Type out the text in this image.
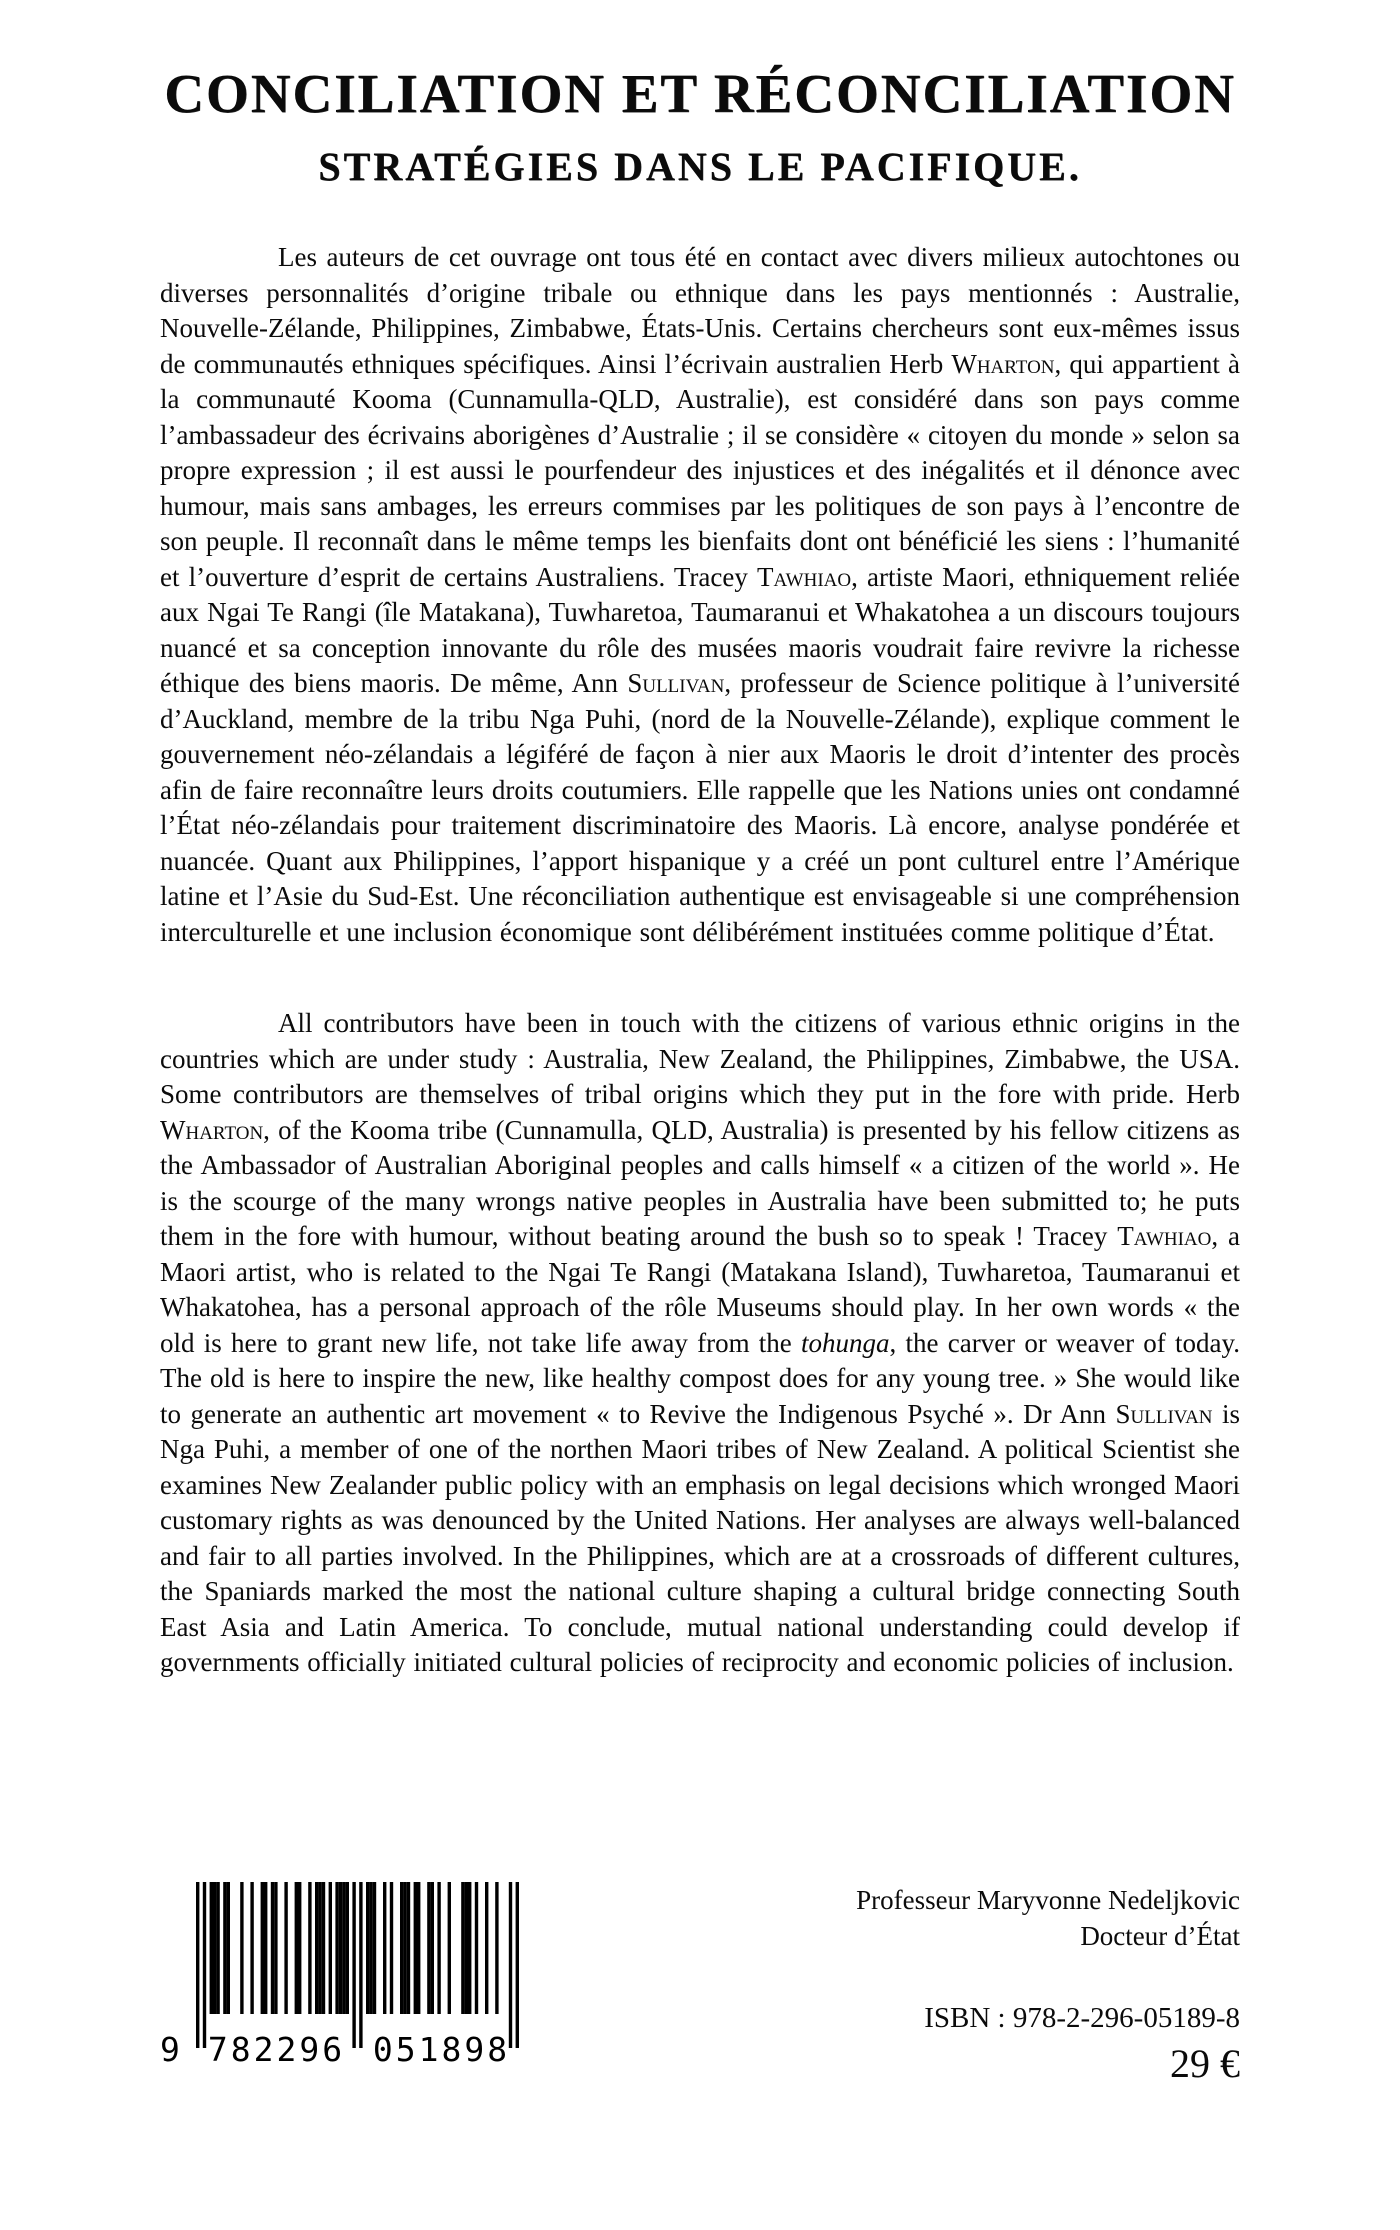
CONCILIATION ET RÉCONCILIATION
STRATÉGIES DANS LE PACIFIQUE.

Les auteurs de cet ouvrage ont tous été en contact avec divers milieux autochtones ou diverses personnalités d’origine tribale ou ethnique dans les pays mentionnés : Australie, Nouvelle-Zélande, Philippines, Zimbabwe, États-Unis. Certains chercheurs sont eux-mêmes issus de communautés ethniques spécifiques. Ainsi l’écrivain australien Herb Wharton, qui appartient à la communauté Kooma (Cunnamulla-QLD, Australie), est considéré dans son pays comme l’ambassadeur des écrivains aborigènes d’Australie ; il se considère « citoyen du monde » selon sa propre expression ; il est aussi le pourfendeur des injustices et des inégalités et il dénonce avec humour, mais sans ambages, les erreurs commises par les politiques de son pays à l’encontre de son peuple. Il reconnaît dans le même temps les bienfaits dont ont bénéficié les siens : l’humanité et l’ouverture d’esprit de certains Australiens. Tracey Tawhiao, artiste Maori, ethniquement reliée aux Ngai Te Rangi (île Matakana), Tuwharetoa, Taumaranui et Whakatohea a un discours toujours nuancé et sa conception innovante du rôle des musées maoris voudrait faire revivre la richesse éthique des biens maoris. De même, Ann Sullivan, professeur de Science politique à l’université d’Auckland, membre de la tribu Nga Puhi, (nord de la Nouvelle-Zélande), explique comment le gouvernement néo-zélandais a légiféré de façon à nier aux Maoris le droit d’intenter des procès afin de faire reconnaître leurs droits coutumiers. Elle rappelle que les Nations unies ont condamné l’État néo-zélandais pour traitement discriminatoire des Maoris. Là encore, analyse pondérée et nuancée. Quant aux Philippines, l’apport hispanique y a créé un pont culturel entre l’Amérique latine et l’Asie du Sud-Est. Une réconciliation authentique est envisageable si une compréhension interculturelle et une inclusion économique sont délibérément instituées comme politique d’État.

All contributors have been in touch with the citizens of various ethnic origins in the countries which are under study : Australia, New Zealand, the Philippines, Zimbabwe, the USA. Some contributors are themselves of tribal origins which they put in the fore with pride. Herb Wharton, of the Kooma tribe (Cunnamulla, QLD, Australia) is presented by his fellow citizens as the Ambassador of Australian Aboriginal peoples and calls himself « a citizen of the world ». He is the scourge of the many wrongs native peoples in Australia have been submitted to; he puts them in the fore with humour, without beating around the bush so to speak ! Tracey Tawhiao, a Maori artist, who is related to the Ngai Te Rangi (Matakana Island), Tuwharetoa, Taumaranui et Whakatohea, has a personal approach of the rôle Museums should play. In her own words « the old is here to grant new life, not take life away from the tohunga, the carver or weaver of today. The old is here to inspire the new, like healthy compost does for any young tree. » She would like to generate an authentic art movement « to Revive the Indigenous Psyché ». Dr Ann Sullivan is Nga Puhi, a member of one of the northen Maori tribes of New Zealand. A political Scientist she examines New Zealander public policy with an emphasis on legal decisions which wronged Maori customary rights as was denounced by the United Nations. Her analyses are always well-balanced and fair to all parties involved. In the Philippines, which are at a crossroads of different cultures, the Spaniards marked the most the national culture shaping a cultural bridge connecting South East Asia and Latin America. To conclude, mutual national understanding could develop if governments officially initiated cultural policies of reciprocity and economic policies of inclusion.

9 782296 051898
Professeur Maryvonne Nedeljkovic
Docteur d’État
ISBN : 978-2-296-05189-8
29 €
